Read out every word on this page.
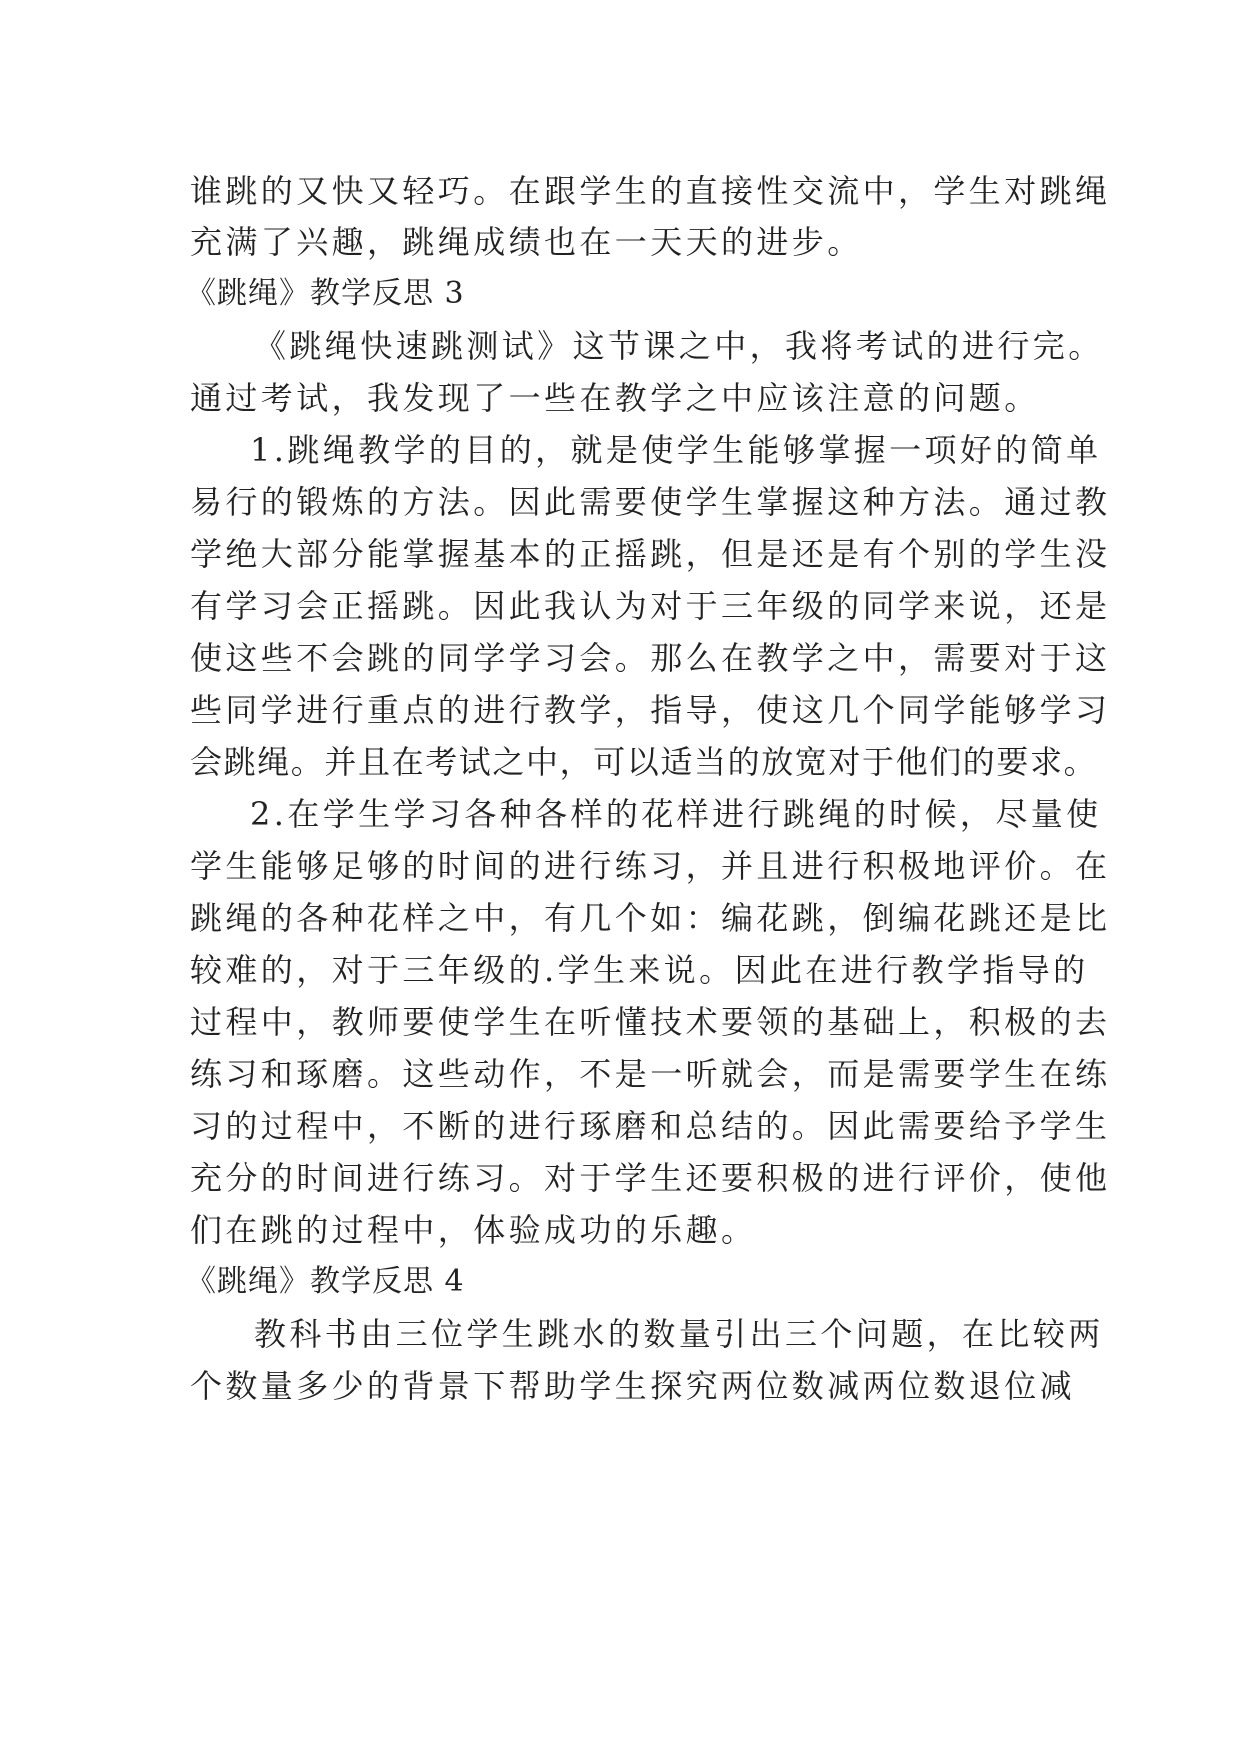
谁跳的又快又轻巧。在跟学生的直接性交流中，学生对跳绳
充满了兴趣，跳绳成绩也在一天天的进步。
《跳绳》教学反思 3
《跳绳快速跳测试》这节课之中，我将考试的进行完。
通过考试，我发现了一些在教学之中应该注意的问题。
1.跳绳教学的目的，就是使学生能够掌握一项好的简单
易行的锻炼的方法。因此需要使学生掌握这种方法。通过教
学绝大部分能掌握基本的正摇跳，但是还是有个别的学生没
有学习会正摇跳。因此我认为对于三年级的同学来说，还是
使这些不会跳的同学学习会。那么在教学之中，需要对于这
些同学进行重点的进行教学，指导，使这几个同学能够学习
会跳绳。并且在考试之中，可以适当的放宽对于他们的要求。
2.在学生学习各种各样的花样进行跳绳的时候，尽量使
学生能够足够的时间的进行练习，并且进行积极地评价。在
跳绳的各种花样之中，有几个如：编花跳，倒编花跳还是比
较难的，对于三年级的.学生来说。因此在进行教学指导的
过程中，教师要使学生在听懂技术要领的基础上，积极的去
练习和琢磨。这些动作，不是一听就会，而是需要学生在练
习的过程中，不断的进行琢磨和总结的。因此需要给予学生
充分的时间进行练习。对于学生还要积极的进行评价，使他
们在跳的过程中，体验成功的乐趣。
《跳绳》教学反思 4
教科书由三位学生跳水的数量引出三个问题，在比较两
个数量多少的背景下帮助学生探究两位数减两位数退位减
